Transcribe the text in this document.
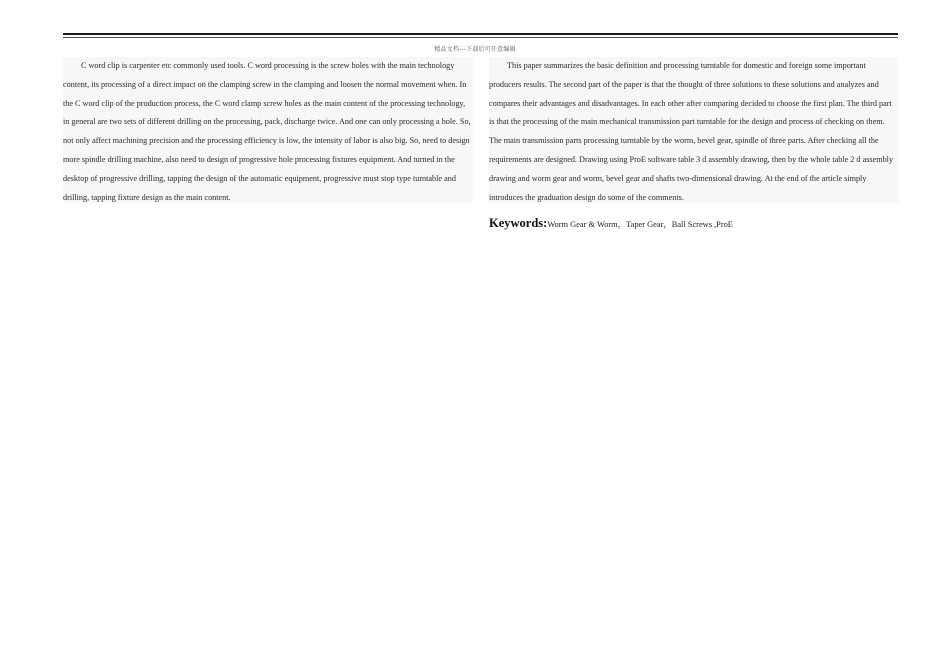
精品文档---下载后可任意编辑

C word clip is carpenter etc commonly used tools. C word processing is the screw holes with the main technology content, its processing of a direct impact on the clamping screw in the clamping and loosen the normal movement when. In the C word clip of the production process, the C word clamp screw holes as the main content of the processing technology, in general are two sets of different drilling on the processing, pack, discharge twice. And one can only processing a hole. So, not only affect machining precision and the processing efficiency is low, the intensity of labor is also big. So, need to design more spindle drilling machine, also need to design of progressive hole processing fixtures equipment. And turned in the desktop of progressive drilling, tapping the design of the automatic equipment, progressive must stop type turntable and drilling, tapping fixture design as the main content.

This paper summarizes the basic definition and processing turntable for domestic and foreign some important producers results. The second part of the paper is that the thought of three solutions to these solutions and analyzes and compares their advantages and disadvantages. In each other after comparing decided to choose the first plan. The third part is that the processing of the main mechanical transmission part turntable for the design and process of checking on them. The main transmission parts processing turntable by the worm, bevel gear, spindle of three parts. After checking all the requirements are designed. Drawing using ProE software table 3 d assembly drawing, then by the whole table 2 d assembly drawing and worm gear and worm, bevel gear and shafts two-dimensional drawing. At the end of the article simply introduces the graduation design do some of the comments.

Keywords:Worm Gear & Worm，Taper Gear，Ball Screws ,ProE
